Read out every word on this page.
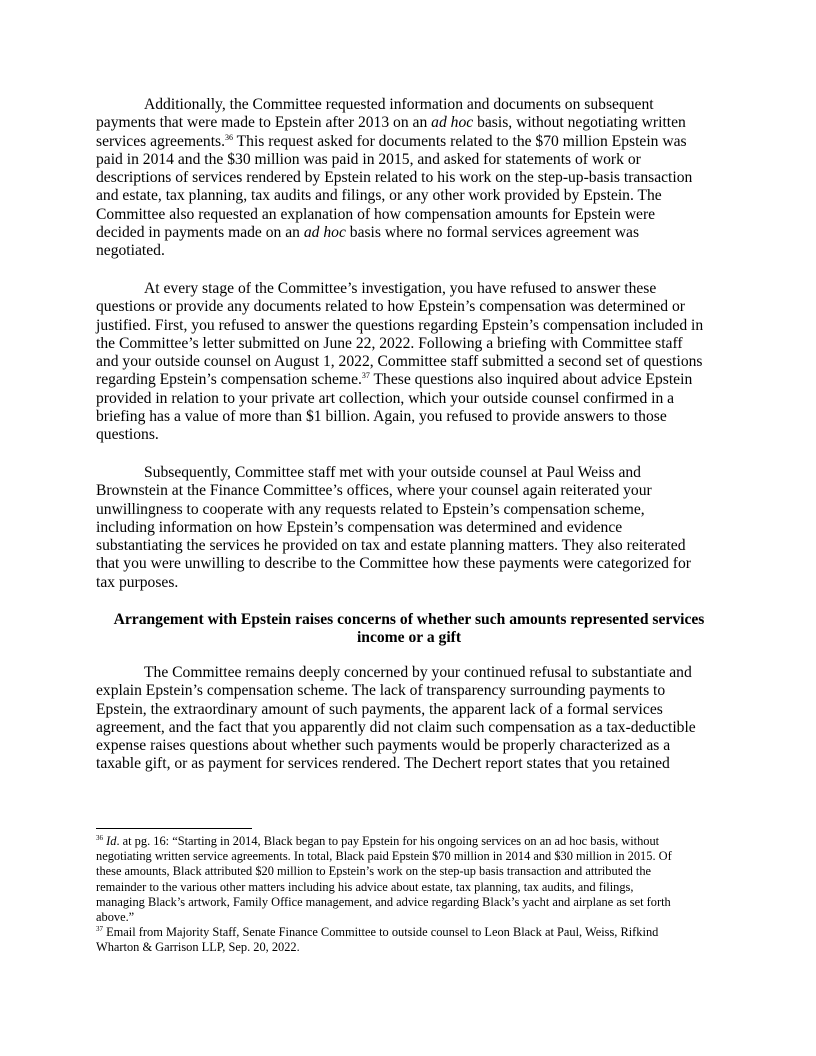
Additionally, the Committee requested information and documents on subsequent
payments that were made to Epstein after 2013 on an ad hoc basis, without negotiating written
services agreements.$^{36}$ This request asked for documents related to the $70 million Epstein was
paid in 2014 and the $30 million was paid in 2015, and asked for statements of work or
descriptions of services rendered by Epstein related to his work on the step-up-basis transaction
and estate, tax planning, tax audits and filings, or any other work provided by Epstein. The
Committee also requested an explanation of how compensation amounts for Epstein were
decided in payments made on an ad hoc basis where no formal services agreement was
negotiated.
At every stage of the Committee’s investigation, you have refused to answer these
questions or provide any documents related to how Epstein’s compensation was determined or
justified. First, you refused to answer the questions regarding Epstein’s compensation included in
the Committee’s letter submitted on June 22, 2022. Following a briefing with Committee staff
and your outside counsel on August 1, 2022, Committee staff submitted a second set of questions
regarding Epstein’s compensation scheme.$^{37}$ These questions also inquired about advice Epstein
provided in relation to your private art collection, which your outside counsel confirmed in a
briefing has a value of more than $1 billion. Again, you refused to provide answers to those
questions.
Subsequently, Committee staff met with your outside counsel at Paul Weiss and
Brownstein at the Finance Committee’s offices, where your counsel again reiterated your
unwillingness to cooperate with any requests related to Epstein’s compensation scheme,
including information on how Epstein’s compensation was determined and evidence
substantiating the services he provided on tax and estate planning matters. They also reiterated
that you were unwilling to describe to the Committee how these payments were categorized for
tax purposes.
Arrangement with Epstein raises concerns of whether such amounts represented services
income or a gift
The Committee remains deeply concerned by your continued refusal to substantiate and
explain Epstein’s compensation scheme. The lack of transparency surrounding payments to
Epstein, the extraordinary amount of such payments, the apparent lack of a formal services
agreement, and the fact that you apparently did not claim such compensation as a tax-deductible
expense raises questions about whether such payments would be properly characterized as a
taxable gift, or as payment for services rendered. The Dechert report states that you retained
$^{36}$ Id. at pg. 16: “Starting in 2014, Black began to pay Epstein for his ongoing services on an ad hoc basis, without
negotiating written service agreements. In total, Black paid Epstein $70 million in 2014 and $30 million in 2015. Of
these amounts, Black attributed $20 million to Epstein’s work on the step-up basis transaction and attributed the
remainder to the various other matters including his advice about estate, tax planning, tax audits, and filings,
managing Black’s artwork, Family Office management, and advice regarding Black’s yacht and airplane as set forth
above.”
$^{37}$ Email from Majority Staff, Senate Finance Committee to outside counsel to Leon Black at Paul, Weiss, Rifkind
Wharton & Garrison LLP, Sep. 20, 2022.
